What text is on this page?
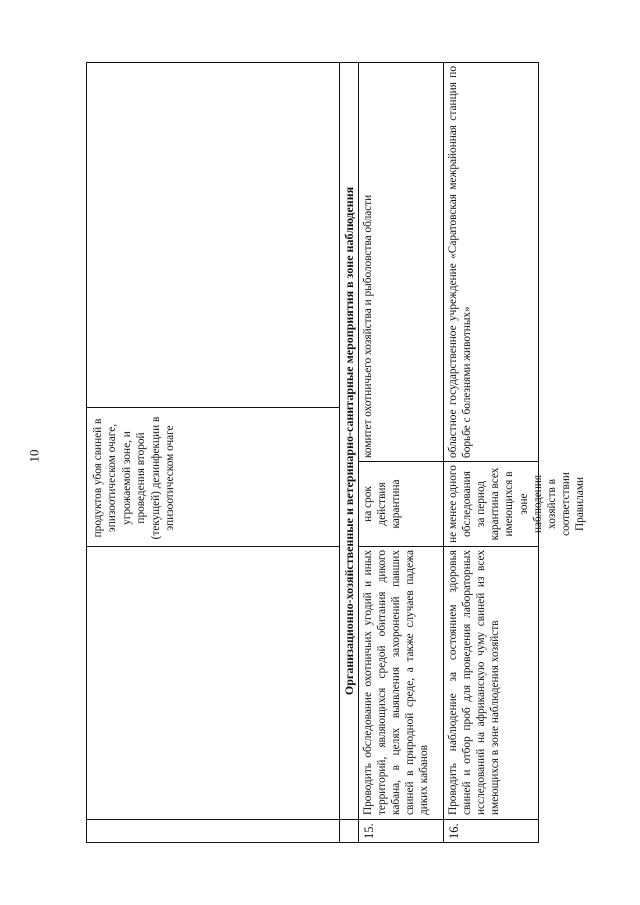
10	продуктов убоя свиней в эпизоотическом очаге, угрожаемой зоне, и проведения второй (текущей) дезинфекции в эпизоотическом очаге	Организационно-хозяйственные и ветеринарно-санитарные мероприятия в зоне наблюдения
15.
Проводить обследование охотничьих угодий и иных территорий, являющихся средой обитания дикого кабана, в целях выявления захоронений павших свиней в природной среде, а также случаев падежа диких кабанов
на срок действия карантина
комитет охотничьего хозяйства и рыболовства области
16.
Проводить наблюдение за состоянием здоровья свиней и отбор проб для проведения лабораторных исследований на африканскую чуму свиней из всех имеющихся в зоне наблюдения хозяйств
не менее одного обследования за период карантина всех имеющихся в зоне наблюдения хозяйств в соответствии Правилами
областное государственное учреждение «Саратовская межрайонная станция по борьбе с болезнями животных»
